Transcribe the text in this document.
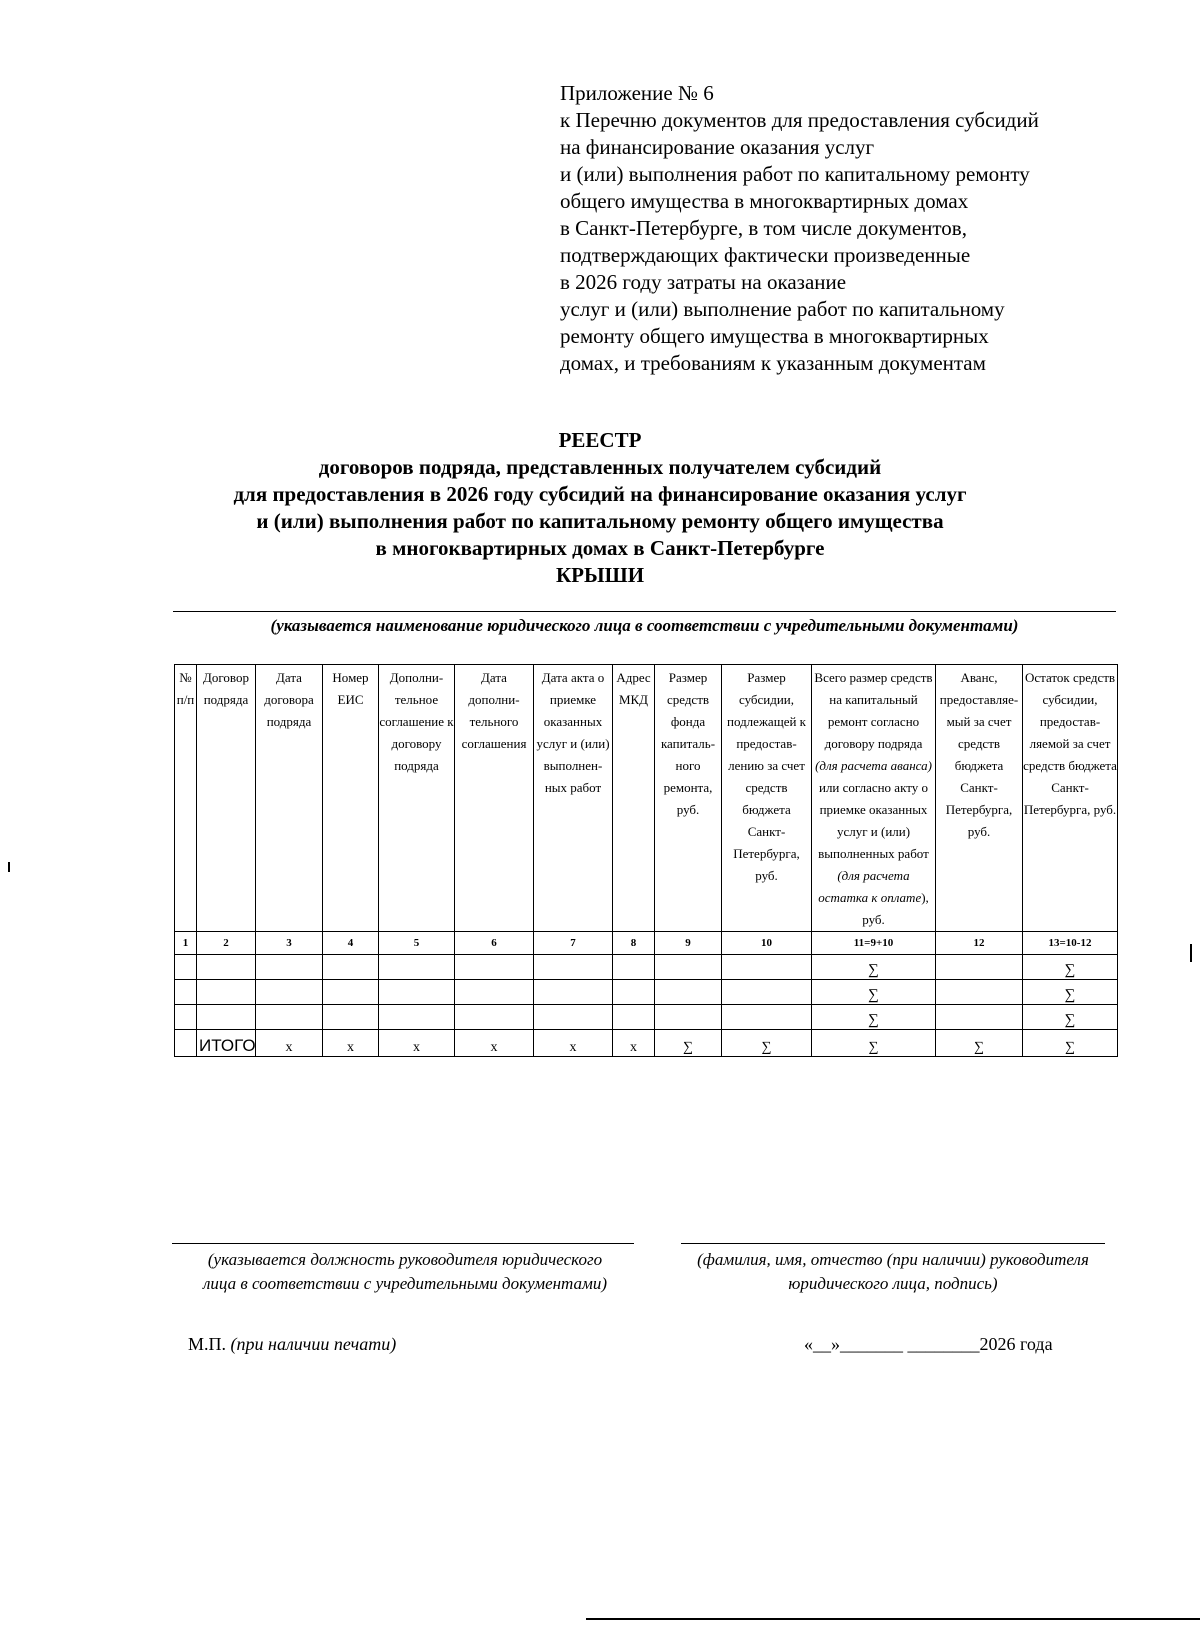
Приложение № 6
к Перечню документов для предоставления субсидий
на финансирование оказания услуг
и (или) выполнения работ по капитальному ремонту
общего имущества в многоквартирных домах
в Санкт-Петербурге, в том числе документов,
подтверждающих фактически произведенные
в 2026 году затраты на оказание
услуг и (или) выполнение работ по капитальному
ремонту общего имущества в многоквартирных
домах, и требованиям к указанным документам
РЕЕСТР
договоров подряда, представленных получателем субсидий
для предоставления в 2026 году субсидий на финансирование оказания услуг
и (или) выполнения работ по капитальному ремонту общего имущества
в многоквартирных домах в Санкт-Петербурге
КРЫШИ
(указывается наименование юридического лица в соответствии с учредительными документами)
№ п/п	Договор подряда	Дата договора подряда	Номер ЕИС	Дополни-тельное соглашение к договору подряда	Дата дополни-тельного соглашения	Дата акта о приемке оказанных услуг и (или) выполнен-ных работ	Адрес МКД	Размер средств фонда капиталь-ного ремонта, руб.	Размер субсидии, подлежащей к предостав-лению за счет средств бюджета Санкт-Петербурга, руб.	Всего размер средств на капитальный ремонт согласно договору подряда (для расчета аванса) или согласно акту о приемке оказанных услуг и (или) выполненных работ (для расчета остатка к оплате), руб.	Аванс, предоставляе-мый за счет средств бюджета Санкт-Петербурга, руб.	Остаток средств субсидии, предостав-ляемой за счет средств бюджета Санкт-Петербурга, руб.
1	2	3	4	5	6	7	8	9	10	11=9+10	12	13=10-12
										∑		∑
										∑		∑
										∑		∑
	ИТОГО	х	х	х	х	х	х	∑	∑	∑	∑	∑
(указывается должность руководителя юридического лица в соответствии с учредительными документами)
(фамилия, имя, отчество (при наличии) руководителя юридического лица, подпись)
М.П. (при наличии печати)	«__»_______ ________2026 года
